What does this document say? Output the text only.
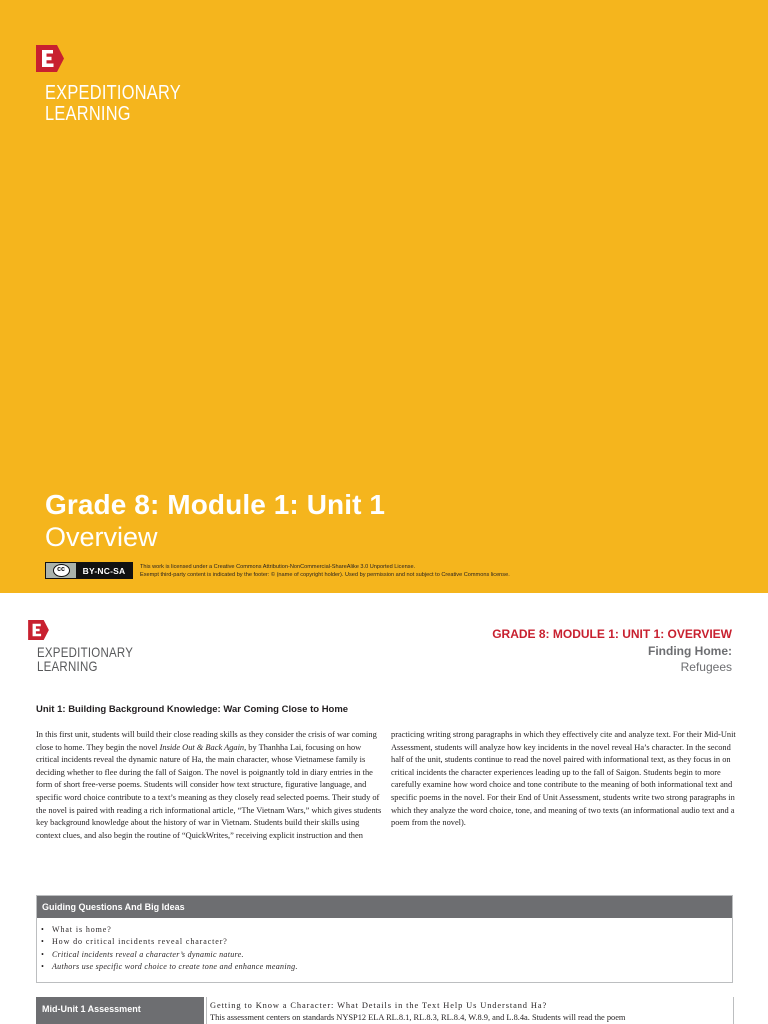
EXPEDITIONARY
LEARNING
Grade 8: Module 1: Unit 1
Overview
cc	BY-NC-SA	This work is licensed under a Creative Commons Attribution-NonCommercial-ShareAlike 3.0 Unported License.
Exempt third-party content is indicated by the footer: © (name of copyright holder). Used by permission and not subject to Creative Commons license.
EXPEDITIONARY
LEARNING
GRADE 8: MODULE 1: UNIT 1: OVERVIEW
Finding Home:
Refugees
Unit 1: Building Background Knowledge: War Coming Close to Home
In this first unit, students will build their close reading skills as they consider the crisis of war coming close to home. They begin the novel Inside Out & Back Again, by Thanhha Lai, focusing on how critical incidents reveal the dynamic nature of Ha, the main character, whose Vietnamese family is deciding whether to flee during the fall of Saigon. The novel is poignantly told in diary entries in the form of short free-verse poems. Students will consider how text structure, figurative language, and specific word choice contribute to a text’s meaning as they closely read selected poems. Their study of the novel is paired with reading a rich informational article, “The Vietnam Wars,” which gives students key background knowledge about the history of war in Vietnam. Students build their skills using context clues, and also begin the routine of “QuickWrites,” receiving explicit instruction and then
practicing writing strong paragraphs in which they effectively cite and analyze text. For their Mid-Unit Assessment, students will analyze how key incidents in the novel reveal Ha’s character. In the second half of the unit, students continue to read the novel paired with informational text, as they focus in on critical incidents the character experiences leading up to the fall of Saigon. Students begin to more carefully examine how word choice and tone contribute to the meaning of both informational text and specific poems in the novel. For their End of Unit Assessment, students write two strong paragraphs in which they analyze the word choice, tone, and meaning of two texts (an informational audio text and a poem from the novel).
Guiding Questions And Big Ideas
• What is home?
• How do critical incidents reveal character?
• Critical incidents reveal a character’s dynamic nature.
• Authors use specific word choice to create tone and enhance meaning.
Mid-Unit 1 Assessment	Getting to Know a Character: What Details in the Text Help Us Understand Ha?
This assessment centers on standards NYSP12 ELA RL.8.1, RL.8.3, RL.8.4, W.8.9, and L.8.4a. Students will read the poem
